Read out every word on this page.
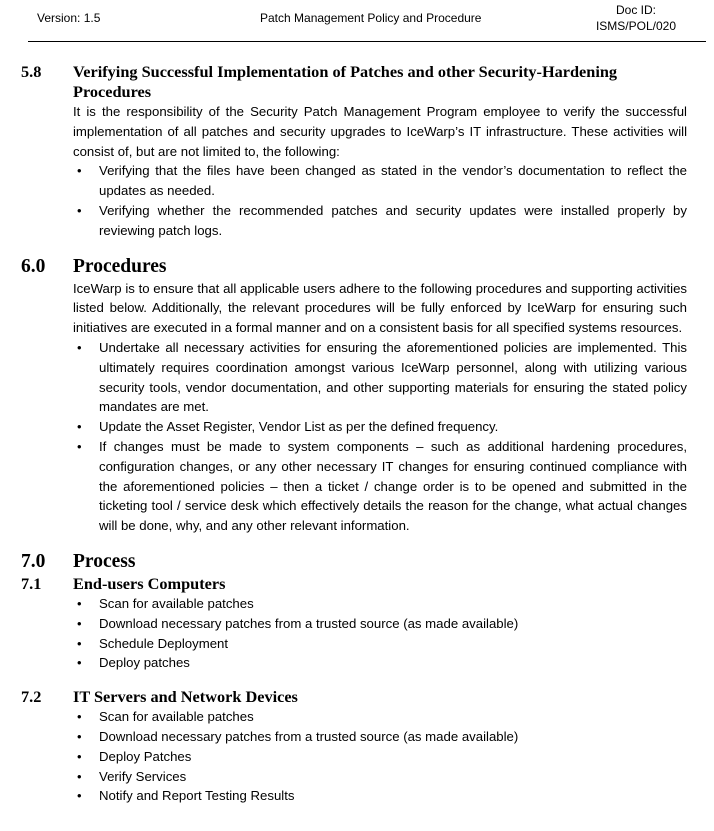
Version: 1.5	Patch Management Policy and Procedure
Doc ID:
ISMS/POL/020
5.8 Verifying Successful Implementation of Patches and other Security-Hardening Procedures
It is the responsibility of the Security Patch Management Program employee to verify the successful implementation of all patches and security upgrades to IceWarp’s IT infrastructure. These activities will consist of, but are not limited to, the following:
• Verifying that the files have been changed as stated in the vendor’s documentation to reflect the updates as needed.
• Verifying whether the recommended patches and security updates were installed properly by reviewing patch logs.
6.0 Procedures
IceWarp is to ensure that all applicable users adhere to the following procedures and supporting activities listed below. Additionally, the relevant procedures will be fully enforced by IceWarp for ensuring such initiatives are executed in a formal manner and on a consistent basis for all specified systems resources.
• Undertake all necessary activities for ensuring the aforementioned policies are implemented. This ultimately requires coordination amongst various IceWarp personnel, along with utilizing various security tools, vendor documentation, and other supporting materials for ensuring the stated policy mandates are met.
• Update the Asset Register, Vendor List as per the defined frequency.
• If changes must be made to system components – such as additional hardening procedures, configuration changes, or any other necessary IT changes for ensuring continued compliance with the aforementioned policies – then a ticket / change order is to be opened and submitted in the ticketing tool / service desk which effectively details the reason for the change, what actual changes will be done, why, and any other relevant information.
7.0 Process
7.1 End-users Computers
• Scan for available patches
• Download necessary patches from a trusted source (as made available)
• Schedule Deployment
• Deploy patches
7.2 IT Servers and Network Devices
• Scan for available patches
• Download necessary patches from a trusted source (as made available)
• Deploy Patches
• Verify Services
• Notify and Report Testing Results
